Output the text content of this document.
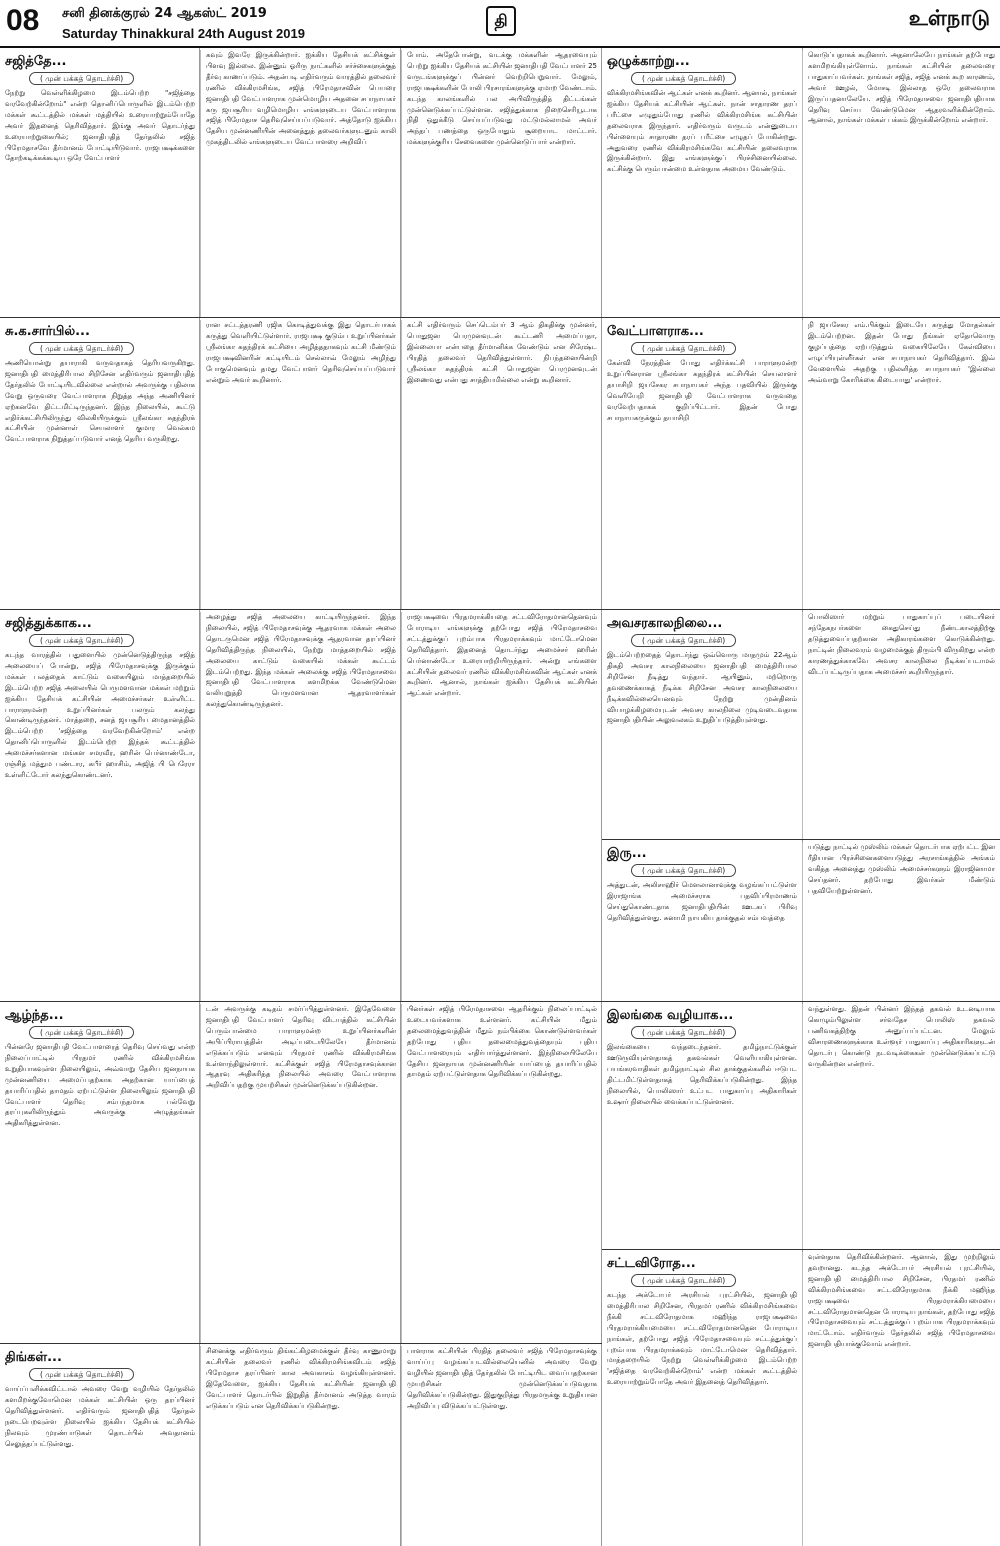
08 சனி தினக்குரல் 24 ஆகஸ்ட் 2019
Saturday Thinakkural 24th August 2019
தி	உள்நாடு
சஜித்தே...
( முன் பக்கத் தொடர்ச்சி)
நேற்று வெள்ளிக்கிழமை இடம்பெற்ற "சஜித்தை வரவேற்கின்றோம்" என்ற தொனிப்பொருளில் இடம்பெற்ற மக்கள் கூட்டத்தில் மக்கள் மத்தியில் உரையாற்றும்போதே அவர் இதனைத் தெரிவித்தார். இங்கு அவர் தொடர்ந்து உரையாற்றுகையில்; ஜனாதிபதித் தேர்தலில் சஜித் பிரேமதாசவே தீர்மானம் போட்டியிடுவார். ராஜபக்ஷக்களை தோற்கடிக்கக்கூடிய ஒரே வேட்பாளர்
கவும் இவரே இருக்கின்றார். ஐக்கிய தேசியக் கட்சிக்குள் பிளவு இல்லை. இன்னும் ஓரிரு நாட்களில் சர்ச்சைகளுக்குத் தீர்வு காணப்படும். அதன்படி எதிர்வரும் வாரத்தில் தலைவர் ரணில் விக்கிரமசிங்க, சஜித் பிரேமதாசவின் பெயரை ஜனாதிபதி வேட்பாளராக முன்மொழிய அதனை சபாநாயகர் கரு ஜயசூரிய வழிமொழிய எங்களுடைய வேட்பாளராக சஜித் பிரேமதாச தெரிவுசெய்யப்படுவார். அத்தோடு ஐக்கிய தேசிய முன்னணியின் அனைத்துத் தலைவர்களுடனும் காலி முகத்திடலில் எங்களுடைய வேட்பாளரை அறிவிப்
போம். அதேபோன்று, வடக்கு மக்களின் ஆதரவையும் பெற்று ஐக்கிய தேசியக் கட்சியின் ஜனாதிபதி வேட்பாளர் 25 வருடங்களுக்குப் பின்னர் வெற்றிபெறுவார். மேலும், ராஜபக்ஷக்களின் போலி பிரசாரங்களுக்கு ஏமாற வேண்டாம். கடந்த காலங்களில் பல அபிவிருத்தித் திட்டங்கள் முன்னெடுக்கப்பட்டுள்ளன. சஜித்துக்காக நிறைசெரியூடாக நிதி ஒதுக்கீடு செய்யப்படுவது மட்டுமல்லாமல் அவர் அந்தப் பணத்தை ஒருபோதும் சூறையாட மாட்டார். மக்களுக்குரிய சேவைகளை முன்னெடுப்பார் என்றார்.
ஒழுக்காற்று...
( முன் பக்கத் தொடர்ச்சி)
விக்கிரமசிங்கவின் ஆட்கள் எனக் கூறினர். ஆனால், நாங்கள் ஐக்கிய தேசியக் கட்சியின் ஆட்கள். நான் சாதாரண தரப் பரீட்சை எழுதும்போது ரணில் விக்கிரமசிங்க கட்சியின் தலைவராக இருந்தார். எதிர்வரும் வருடம் என்னுடைய பிள்ளையும் சாதாரண தரப் பரீட்சை எழுதப் போகின்றது. அதுவரை ரணில் விக்கிரமசிங்கவே கட்சியின் தலைவராக இருக்கின்றார். இது எங்களுக்குப் பிரச்சினையில்லை. கட்சிக்கு பெரும்பான்மை உள்ளதாக அமைய வேண்டும்.
கொடுப்பதாகக் கூறினார். அதனாலேயே நாங்கள் தற்போது களமிறங்கியுள்ளோம். நாங்கள் கட்சியின் தலைவரை பாதுகாப்பவர்கள். நாங்கள் சஜித், சஜித் எனக் கூற காரணம், அவர் ஊழல், மோசடி இல்லாத ஒரே தலைவராக இருப்பதனாலேயே. சஜித் பிரேமதாசவை ஜனாதிபதியாக தெரிவு செய்ய வேண்டுமென ஆதரவளிக்கின்றோம். ஆனால், நாங்கள் மக்கள் பக்கம் இருக்கின்றோம் என்றார்.
சு.க.சார்பில்...
( முன் பக்கத் தொடர்ச்சி)
அணியொன்று தயாராகி வருவதாகத் தெரியவருகிறது. ஜனாதிபதி மைத்திரிபால சிறிசேன எதிர்வரும் ஜனாதிபதித் தேர்தலில் போட்டியிடவில்லை என்றால் அவருக்கு பதிலாக வேறு ஒருவரை வேட்பாளராக நிறுத்த அந்த அணியினர் ஏற்கனவே திட்டமிட்டிருந்தனர். இந்த நிலையில், கூட்டு எதிர்க்கட்சியிலிருந்து விலகியிருக்கும் ஸ்ரீலங்கா சுதந்திரக் கட்சியின் முன்னாள் செயலாளர் குமார வெல்கம வேட்பாளராக நிறுத்தப்படுவார் எனத் தெரிய வருகிறது.
ரான சட்டத்தரணி ரஜிக கொடித்துவக்கு இது தொடர்பாகக் கருத்து வெளியிட்டுள்ளார். ராஜபக்ஷ குடும்ப உறுப்பினர்கள் ஸ்ரீலங்கா சுதந்திரக் கட்சியை அழித்ததாகவும் கட்சி மீண்டும் ராஜபக்ஷவினரின் கட்டியிடம் செல்லாவ் மேலும் அழிந்து போகுமெனவும் தமது வேட்பாளர் தெரிவுசெய்யப்படுவார் என்றும் அவர் கூறினார்.
கட்சி எதிர்வரும் செப்டெம்பர் 3 ஆம் திகதிக்கு முன்னர், பொதுஜன பெரமுனவுடன் கூட்டணி அமைப்பதா, இல்லையா என்பதை தீர்மானிக்க வேண்டும் என சிரேஷ்ட பிரதித் தலைவர் தெரிவித்துள்ளார். நிபந்தனையின்றி ஸ்ரீலங்கா சுதந்திரக் கட்சி பொதுஜன பெரமுனவுடன் இணைவது என்பது சாத்தியமில்லை என்று கூறினார்.
வேட்பாளராக...
( முன் பக்கத் தொடர்ச்சி)
கேள்வி நேரத்தின் போது எதிர்க்கட்சி பாராளுமன்ற உறுப்பினரான ஸ்ரீலங்கா சுதந்திரக் கட்சியின் செயலாளர் தயாசிறி ஜயசேகர சபாநாயகர் அந்த பதவியில் இருக்கு வெளியேறி ஜனாதிபதி வேட்பாளராக வருவதை வரவேற்பதாகக் குறிப்பிட்டார். இதன் போது சபாநாயகருக்கும் தயாசிறி
நி ஜயசேகர எம்.பிக்கும் இடையே கருத்து மோதல்கள் இடம்பெற்றன. இதன் போது நீங்கள் ஏதோவொரு குழப்பத்தை ஏற்படுத்தும் வகையிலேயே கேள்வியை எழுப்பியுள்ளீர்கள் என சபாநாயகர் தெரிவித்தார். இவ் வேளையில் அதற்கு பதிலளித்த சபாநாயகர் 'இல்லை அவ்வாறு கோரிக்கை கிடையாது' என்றார்.
சஜித்துக்காக...
( முன் பக்கத் தொடர்ச்சி)
கடந்த வாரத்தில் பதுளையில் முன்னெடுத்திருந்த சஜித் அலையைப் போன்று, சஜித் பிரேமதாசவுக்கு இருக்கும் மக்கள் பலத்தைக் காட்டும் வகையிலும் மாத்தறையில் இடம்பெற்ற சஜித் அலையில் பெருமளவான மக்கள் மற்றும் ஐக்கிய தேசியக் கட்சியின் அமைச்சர்கள் உள்ளிட்ட பாராளுமன்ற உறுப்பினர்கள் பலரும் கலந்து கொண்டிருந்தனர். மாத்தறை, சனத் ஜயசூரிய மைதானத்தில் இடம்பெற்ற 'சஜித்தை வரவேற்கின்றோம்' என்ற தொனிப்பொருளில் இடம்பெற்ற இந்தக் கூட்டத்தில் அமைச்சர்களான மங்கள சமரவீர, ஹரின் பெர்னாண்டோ, ரஞ்சித் மத்தும பண்டார, கபீர் ஹாசிம், அஜித் பி பெரேரா உள்ளிட்டோர் கலந்துகொண்டனர்.
அழைத்து சஜித் அலையை காட்டியிருந்தனர். இந்த நிலையில், சஜித் பிரேமதாசவுக்கு ஆதரவாக மக்கள் அலை தொடருமென சஜித் பிரேமதாசவுக்கு ஆதரவான தரப்பினர் தெரிவித்திருந்த நிலையில், நேற்று மாத்தறையில் சஜித் அலையை காட்டும் வகையில் மக்கள் கூட்டம் இடம்பெற்றது. இந்த மக்கள் அலைக்கு சஜித் பிரேமதாசவை ஜனாதிபதி வேட்பாளராக களமிறக்க வேண்டுமென வலியுறுத்தி பெருமளவான ஆதரவாளர்கள் கலந்துகொண்டிருந்தனர்.
ராஜபக்ஷவை பிரதமராக்கியதை சட்டவிரோதமானதெனவும் போராடிய எங்களுக்கு தற்போது சஜித் பிரேமதாசவை சட்டத்துக்குப் புறம்பாக பிரதமராக்கவும் மாட்டோமென தெரிவித்தார். இதனைத் தொடர்ந்து அமைச்சர் ஹரின் பெர்னாண்டோ உரையாற்றியிருந்தார். அன்று எங்களை கட்சியின் தலைவர் ரணில் விக்கிரமசிங்கவின் ஆட்கள் எனக் கூறினர். ஆனால், நாங்கள் ஐக்கிய தேசியக் கட்சியின் ஆட்கள் என்றார்.
அவசரகாலநிலை...
( முன் பக்கத் தொடர்ச்சி)
இடம்பெற்றதைத் தொடர்ந்து ஒவ்வொரு மாதமும் 22ஆம் திகதி அவசர காலநிலையை ஜனாதிபதி மைத்திரிபால சிறிசேன நீடித்து வந்தார். ஆயினும், மற்றொரு தவணைக்காகத் நீடிக்க சிறிசேன அவசர காலநிலையை நீடிக்கவில்லையெனவும் நேற்று முன்தினம் வியாழக்கிழமையுடன் அவசர காலநிலை முடிவடைவதாக ஜனாதிபதியின் அலுவலகம் உறுதிப்படுத்தியுள்ளது.
பொலிஸார் மற்றும் பாதுகாப்புப் படையினர் சந்தேகநபர்களை கைதுசெய்து நீண்டகாலத்திற்கு தடுத்துவைப்பதற்கான அதிகாரங்களை கொடுக்கின்றது. நாட்டின் நிலைவரம் வழமைக்குத் திரும்பி விருகிறது என்ற காரணத்துக்காகவே அவசர காலநிலை நீடிக்கப்படாமல் விடப்பட்டிருப்பதாக அமைச்சர் கூறியிருந்தார்.
இரு...
( முன் பக்கத் தொடர்ச்சி)
அத்துடன், அலிசாஹிர் மௌலானாவுக்கு வழங்கப்பட்டுள்ள இராஜாங்க அமைச்சராக பதவிப்பிரமாணம் செய்துகொண்டதாக ஜனாதிபதியின் ஊடகப் பிரிவு தெரிவித்துள்ளது. சுனாமி நாயகிய தாக்குதல் சம்பவத்தை
யடுத்து நாட்டில் முஸ்லிம் மக்கள் தொடர்பாக ஏற்பட்ட இன ரீதியான பிரச்சினைகளையடுத்து அரசாங்கத்தில் அங்கம் வகித்த அனைத்து முஸ்லிம் அமைச்சர்களும் இராஜினாமா செய்தனர். தற்போது இவர்கள் மீண்டும் பதவியேற்றுள்ளனர்.
ஆழ்ந்த...
( முன் பக்கத் தொடர்ச்சி)
பின்னரே ஜனாதிபதி வேட்பாளரைத் தெரிவு செய்வது என்ற நிலைப்பாட்டில் பிரதமர் ரணில் விக்கிரமசிங்க உறுதியாகவுள்ள நிலையிலும், அவ்வாறு தேசிய ஜனநாயக முன்னணியை அமைப்பதற்காக அதற்கான யாப்பைத் தயாரிப்பதில் தாமதம் ஏற்பட்டுள்ள நிலையிலும் ஜனாதிபதி வேட்பாளர் தெரிவு சம்பந்தமாக பல்வேறு தரப்புகளிலிருந்தும் அவருக்கு அழுத்தங்கள் அதிகரித்துள்ளன.
டன் அவருக்கு கடிதம் சமர்ப்பித்துள்ளனர். இதேவேளை ஜனாதிபதி வேட்பாளர் தெரிவு விடயத்தில் கட்சியின் பெரும்பான்மை பாராளுமன்ற உறுப்பினர்களின் அபிப்பிராயத்தின் அடிப்படையிலேயே தீர்மானம் எடுக்கப்படும் எனவும் பிரதமர் ரணில் விக்கிரமசிங்க உள்ளாந்திலுள்ளார். கட்சிக்குள் சஜித் பிரேமதாசவுக்கான ஆதரவு அதிகரித்த நிலையில் அவரை வேட்பாளராக அறிவிப்பதற்கு முயற்சிகள் முன்னெடுக்கப்படுகின்றன.
பினர்கள் சஜித் பிரேமதாசவை ஆதரிக்கும் நிலைப்பாட்டில் உடையவர்களாக உள்ளனர். கட்சியின் மீதும் தலைமைத்துவத்தின் மீதும் நம்பிக்கை கொண்டுள்ளவர்கள் தற்போது புதிய தலைமைத்துவத்தையும் புதிய வேட்பாளரையும் எதிர்பார்த்துள்ளனர். இந்நிலையிலேயே தேசிய ஜனநாயக முன்னணியின் யாப்பைத் தயாரிப்பதில் தாமதம் ஏற்பட்டுள்ளதாக தெரிவிக்கப்படுகின்றது.
இலங்கை வழியாக...
( முன் பக்கத் தொடர்ச்சி)
இலங்கையை வந்தடைந்தனர். தமிழ்நாட்டுக்குள் ஊடுருவியுள்ளதாகத் தகவல்கள் வெளியாகியுள்ளன. பயங்கரவாதிகள் தமிழ்நாட்டில் சில தாக்குதல்களில் ஈடுபட திட்டமிட்டுள்ளதாகத் தெரிவிக்கப்படுகின்றது. இந்த நிலையில், பொலிஸார் உட்பட பாதுகாப்பு அதிகாரிகள் உஷார் நிலையில் வைக்கப்பட்டுள்ளனர்.
வந்துள்ளது. இதன் பின்னர் இந்தத் தகவல் உடனடியாக கொழும்பிலுள்ள சர்வதேச பொலிஸ் தகவல் பணிவகத்திற்கு அனுப்பப்பட்டன. மேலும் விசாரணைகளுக்காக உள்ளூர் பாதுகாப்பு அதிகாரிகளுடன் தொடர்பு கொண்டு நடவடிக்கைகள் முன்னெடுக்கப்பட்டு வருகின்றன என்றார்.
திங்கள்...
( முன் பக்கத் தொடர்ச்சி)
வாய்ப்பளிக்கவிட்டால் அவரை வேறு வழியில் தேர்தலில் களமிறக்குவோமென மக்கள் கட்சியின் ஒரு தரப்பினர் தெரிவித்துள்ளனர். எதிர்வரும் ஜனாதிபதித் தேர்தல் நடைபெறவுள்ள நிலையில் ஐக்கிய தேசியக் கட்சியில் நிலவும் முரண்பாடுகள் தொடர்பில் அவதானம் செலுத்தப்பட்டுள்ளது.
சினைக்கு எதிர்வரும் திங்கட்கிழமைக்குள் தீர்வு காணுமாறு கட்சியின் தலைவர் ரணில் விக்கிரமசிங்கவிடம் சஜித் பிரேமதாச தரப்பினர் கால அவகாசம் வழங்கியுள்ளனர். இதேவேளை, ஐக்கிய தேசியக் கட்சியின் ஜனாதிபதி வேட்பாளர் தொடர்பில் இறுதித் தீர்மானம் அடுத்த வாரம் எடுக்கப்படும் என தெரிவிக்கப்படுகின்றது.
பாளராக கட்சியின் பிரதித் தலைவர் சஜித் பிரேமதாசவுக்கு வாய்ப்பு வழங்கப்படவில்லையெனில் அவரை வேறு வழியில் ஜனாதிபதித் தேர்தலில் போட்டியிட வைப்பதற்கான முயற்சிகள் முன்னெடுக்கப்படுவதாக தெரிவிக்கப்படுகின்றது. இதுகுறித்து பிரதமருக்கு உறுதியான அறிவிப்பு விடுக்கப்பட்டுள்ளது.
சட்டவிரோத...
( முன் பக்கத் தொடர்ச்சி)
கடந்த அக்டோபர் அரசியல் புரட்சியில், ஜனாதிபதி மைத்திரிபால சிறிசேன, பிரதமர் ரணில் விக்கிரமசிங்கவை நீக்கி சட்டவிரோதமாக மஹிந்த ராஜபக்ஷவை பிரதமராக்கியமையை சட்டவிரோதமானதென போராடிய நாங்கள், தற்போது சஜித் பிரேமதாசவையும் சட்டத்துக்குப் புறம்பாக பிரதமராக்கவும் மாட்டோமென தெரிவித்தார். மாத்தறையில் நேற்று வெள்ளிக்கிழமை இடம்பெற்ற 'சஜித்தை வரவேற்கின்றோம்' என்ற மக்கள் கூட்டத்தில் உரையாற்றும்போதே அவர் இதனைத் தெரிவித்தார்.
வுள்ளதாக தெரிவிக்கின்றனர். ஆனால், இது முற்றிலும் தவறானது. கடந்த அக்டோபர் அரசியல் புரட்சியில், ஜனாதிபதி மைத்திரிபால சிறிசேன, பிரதமர் ரணில் விக்கிரமசிங்கவை சட்டவிரோதமாக நீக்கி மஹிந்த ராஜபக்ஷவை பிரதமராக்கியமையை சட்டவிரோதமானதென போராடிய நாங்கள், தற்போது சஜித் பிரேமதாசவையும் சட்டத்துக்குப் புறம்பாக பிரதமராக்கவும் மாட்டோம். எதிர்வரும் தேர்தலில் சஜித் பிரேமதாசவை ஜனாதிபதியாக்குவோம் என்றார்.
